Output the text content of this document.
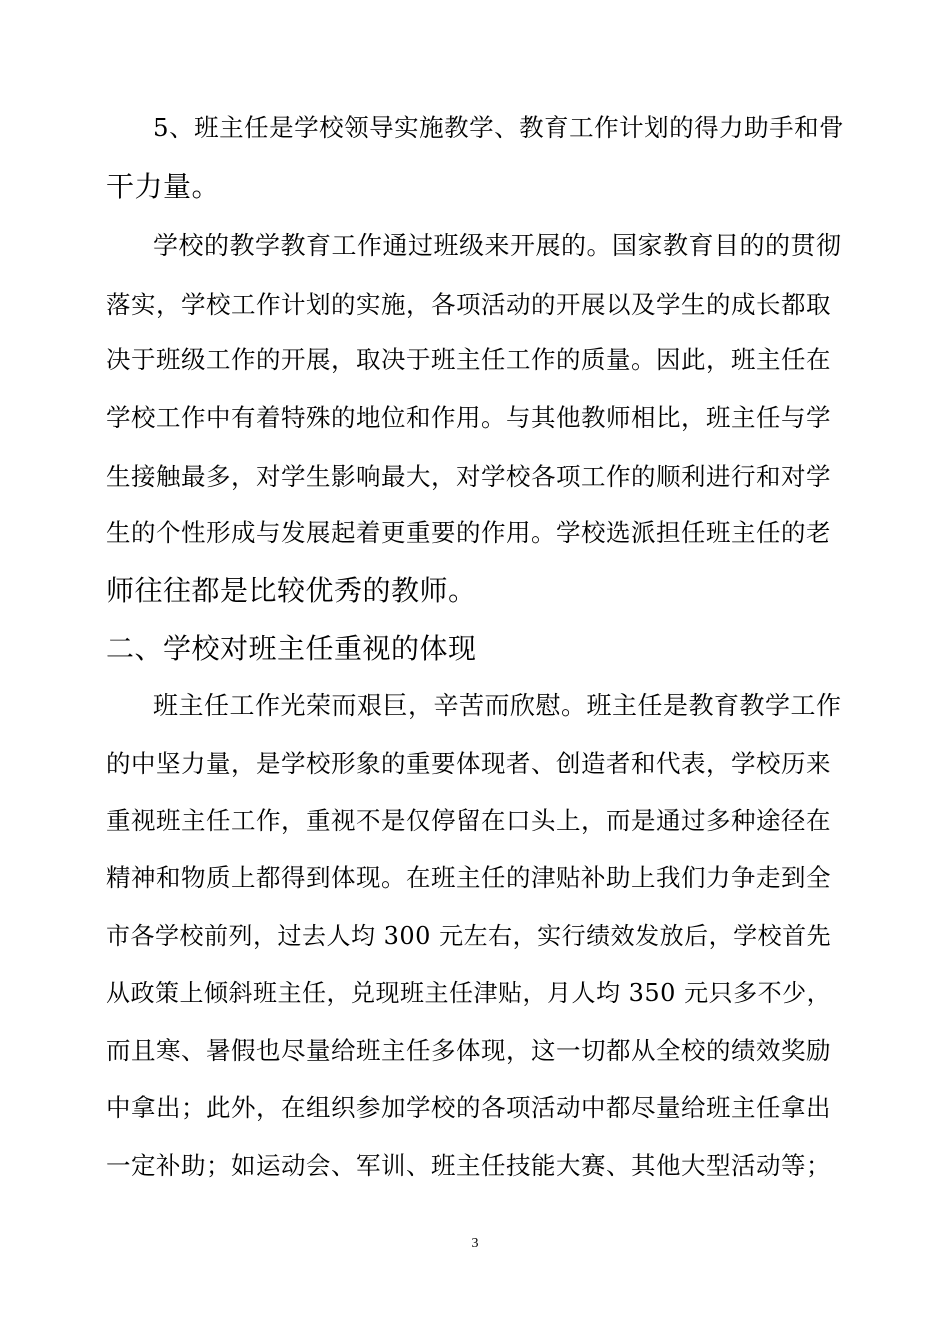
5、班主任是学校领导实施教学、教育工作计划的得力助手和骨
干力量。
学校的教学教育工作通过班级来开展的。国家教育目的的贯彻
落实，学校工作计划的实施，各项活动的开展以及学生的成长都取
决于班级工作的开展，取决于班主任工作的质量。因此，班主任在
学校工作中有着特殊的地位和作用。与其他教师相比，班主任与学
生接触最多，对学生影响最大，对学校各项工作的顺利进行和对学
生的个性形成与发展起着更重要的作用。学校选派担任班主任的老
师往往都是比较优秀的教师。
二、学校对班主任重视的体现
班主任工作光荣而艰巨，辛苦而欣慰。班主任是教育教学工作
的中坚力量，是学校形象的重要体现者、创造者和代表，学校历来
重视班主任工作，重视不是仅停留在口头上，而是通过多种途径在
精神和物质上都得到体现。在班主任的津贴补助上我们力争走到全
市各学校前列，过去人均 300 元左右，实行绩效发放后，学校首先
从政策上倾斜班主任，兑现班主任津贴，月人均 350 元只多不少，
而且寒、暑假也尽量给班主任多体现，这一切都从全校的绩效奖励
中拿出；此外，在组织参加学校的各项活动中都尽量给班主任拿出
一定补助；如运动会、军训、班主任技能大赛、其他大型活动等；
3
